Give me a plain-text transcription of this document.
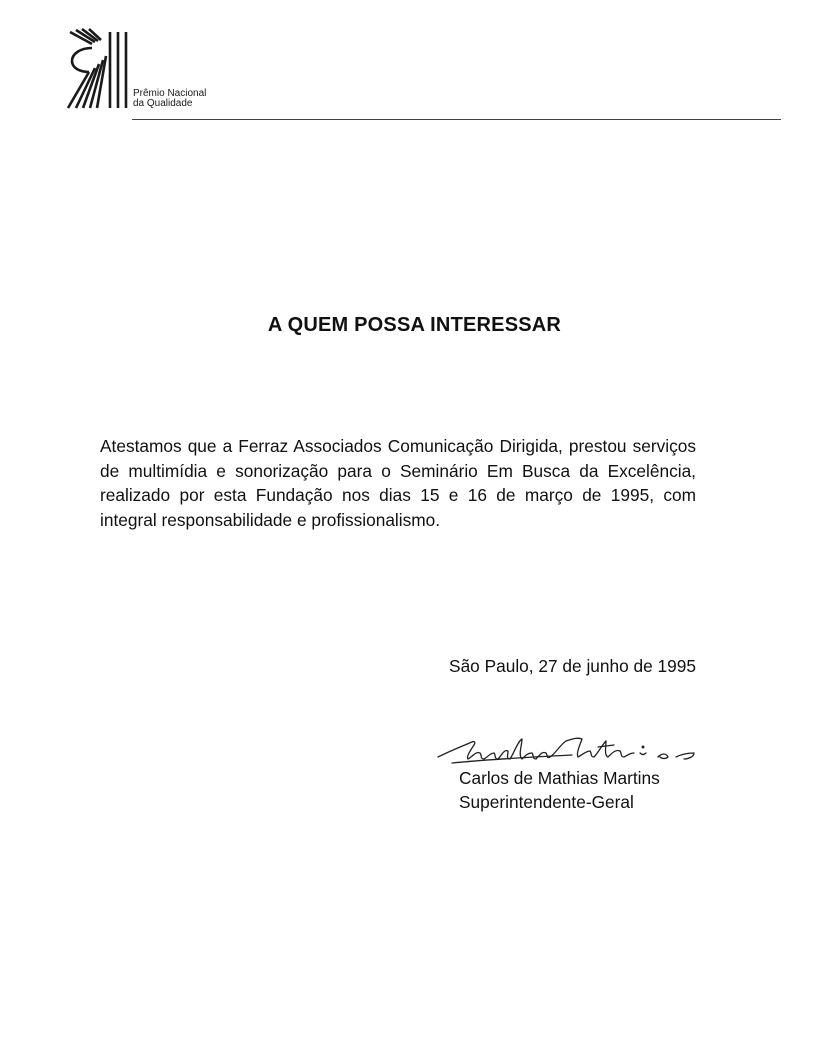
Prêmio Nacional
da Qualidade
A QUEM POSSA INTERESSAR

Atestamos que a Ferraz Associados Comunicação Dirigida, prestou serviços de multimídia e sonorização para o Seminário Em Busca da Excelência, realizado por esta Fundação nos dias 15 e 16 de março de 1995, com integral responsabilidade e profissionalismo.

São Paulo, 27 de junho de 1995

Carlos de Mathias Martins
Superintendente-Geral
